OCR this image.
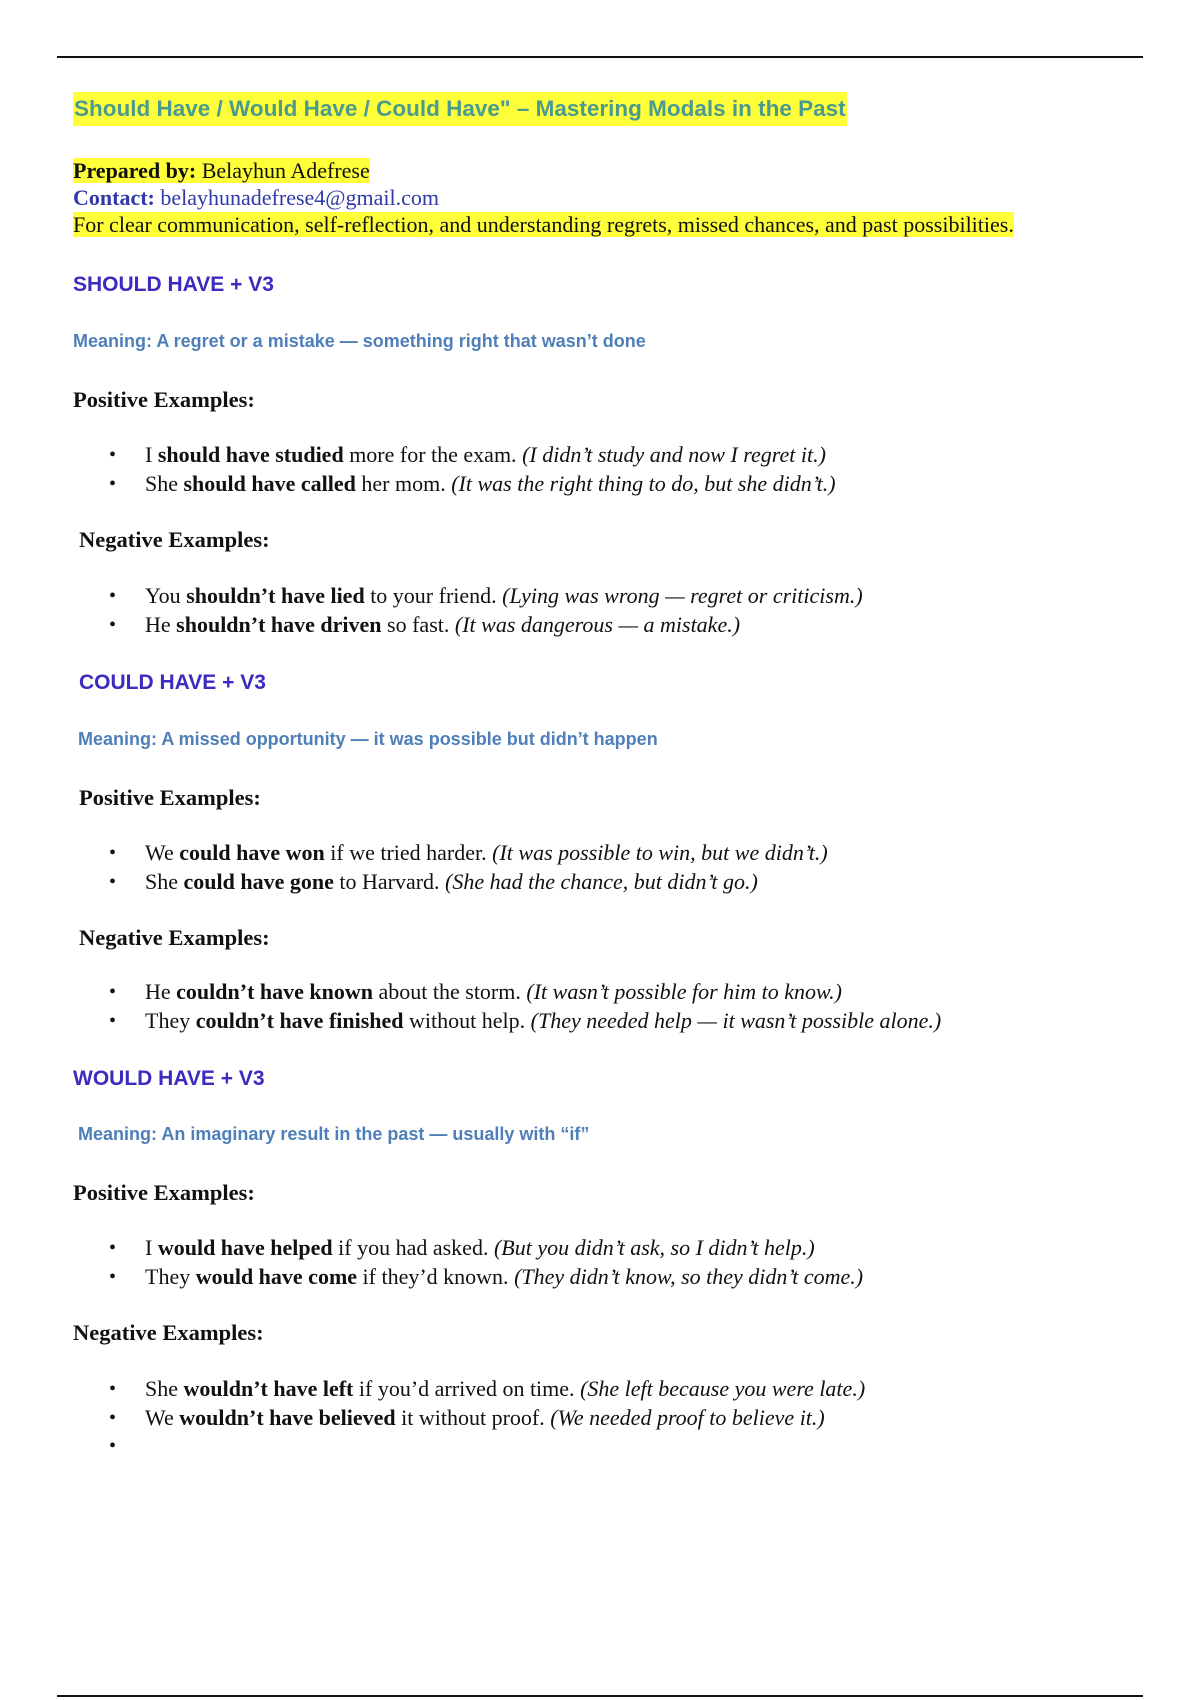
Should Have / Would Have / Could Have" – Mastering Modals in the Past
Prepared by: Belayhun Adefrese
Contact: belayhunadefrese4@gmail.com
For clear communication, self-reflection, and understanding regrets, missed chances, and past possibilities.
SHOULD HAVE + V3
Meaning: A regret or a mistake — something right that wasn’t done
Positive Examples:
• I should have studied more for the exam. (I didn’t study and now I regret it.)
• She should have called her mom. (It was the right thing to do, but she didn’t.)
Negative Examples:
• You shouldn’t have lied to your friend. (Lying was wrong — regret or criticism.)
• He shouldn’t have driven so fast. (It was dangerous — a mistake.)
COULD HAVE + V3
Meaning: A missed opportunity — it was possible but didn’t happen
Positive Examples:
• We could have won if we tried harder. (It was possible to win, but we didn’t.)
• She could have gone to Harvard. (She had the chance, but didn’t go.)
Negative Examples:
• He couldn’t have known about the storm. (It wasn’t possible for him to know.)
• They couldn’t have finished without help. (They needed help — it wasn’t possible alone.)
WOULD HAVE + V3
Meaning: An imaginary result in the past — usually with “if”
Positive Examples:
• I would have helped if you had asked. (But you didn’t ask, so I didn’t help.)
• They would have come if they’d known. (They didn’t know, so they didn’t come.)
Negative Examples:
• She wouldn’t have left if you’d arrived on time. (She left because you were late.)
• We wouldn’t have believed it without proof. (We needed proof to believe it.)
•
